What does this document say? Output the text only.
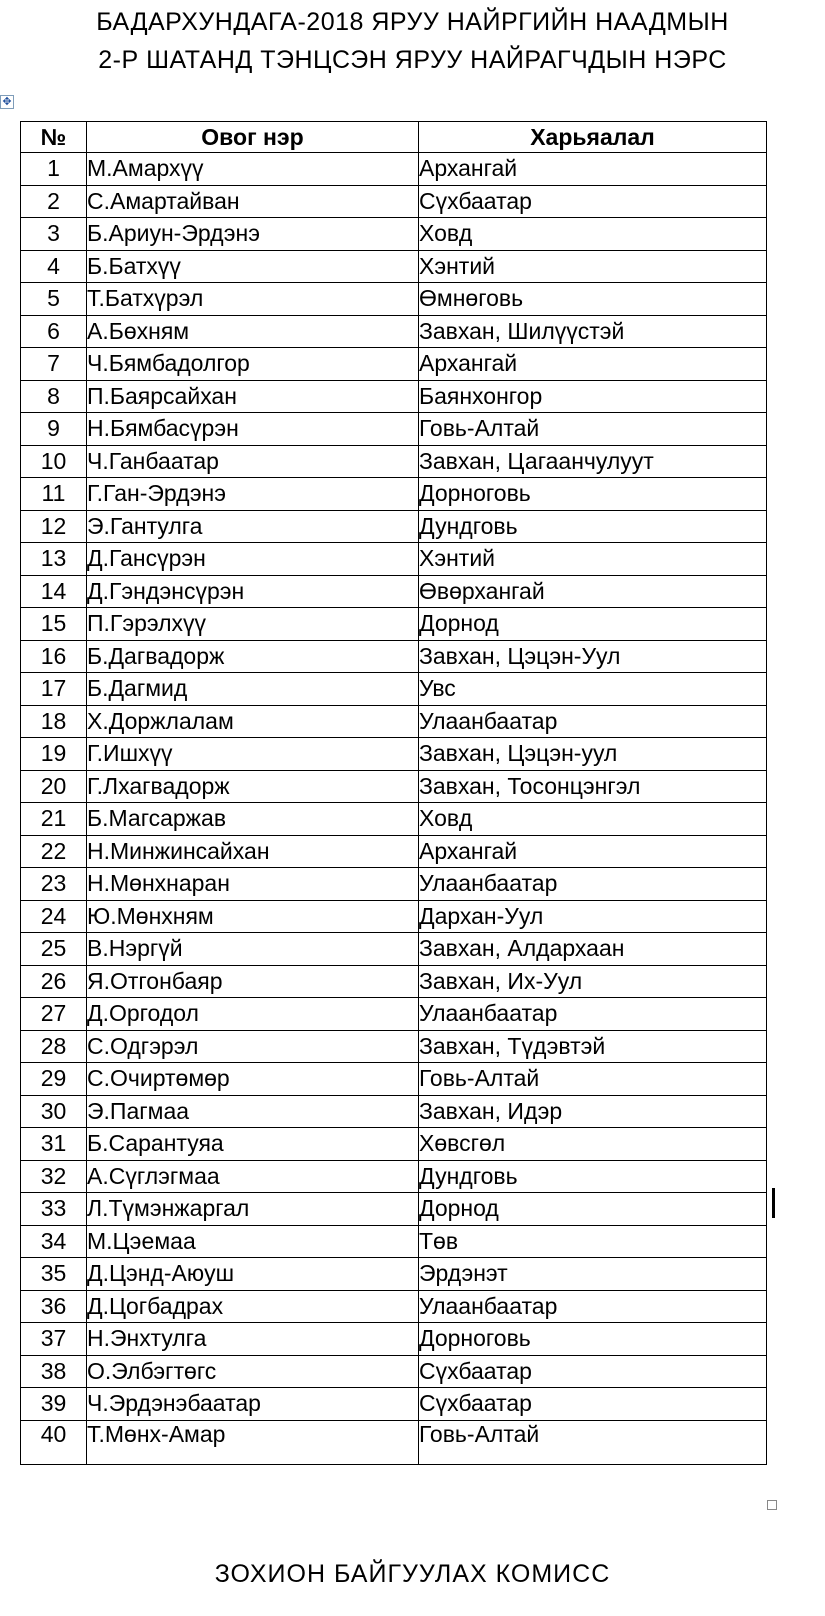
БАДАРХУНДАГА-2018 ЯРУУ НАЙРГИЙН НААДМЫН
2-Р ШАТАНД ТЭНЦСЭН ЯРУУ НАЙРАГЧДЫН НЭРС
✥
№	Овог нэр	Харьяалал
1	М.Амархүү	Архангай
2	С.Амартайван	Сүхбаатар
3	Б.Ариун-Эрдэнэ	Ховд
4	Б.Батхүү	Хэнтий
5	Т.Батхүрэл	Өмнөговь
6	А.Бөхням	Завхан, Шилүүстэй
7	Ч.Бямбадолгор	Архангай
8	П.Баярсайхан	Баянхонгор
9	Н.Бямбасүрэн	Говь-Алтай
10	Ч.Ганбаатар	Завхан, Цагаанчулуут
11	Г.Ган-Эрдэнэ	Дорноговь
12	Э.Гантулга	Дундговь
13	Д.Гансүрэн	Хэнтий
14	Д.Гэндэнсүрэн	Өвөрхангай
15	П.Гэрэлхүү	Дорнод
16	Б.Дагвадорж	Завхан, Цэцэн-Уул
17	Б.Дагмид	Увс
18	Х.Доржлалам	Улаанбаатар
19	Г.Ишхүү	Завхан, Цэцэн-уул
20	Г.Лхагвадорж	Завхан, Тосонцэнгэл
21	Б.Магсаржав	Ховд
22	Н.Минжинсайхан	Архангай
23	Н.Мөнхнаран	Улаанбаатар
24	Ю.Мөнхням	Дархан-Уул
25	В.Нэргүй	Завхан, Алдархаан
26	Я.Отгонбаяр	Завхан, Их-Уул
27	Д.Оргодол	Улаанбаатар
28	С.Одгэрэл	Завхан, Түдэвтэй
29	С.Очиртөмөр	Говь-Алтай
30	Э.Пагмаа	Завхан, Идэр
31	Б.Сарантуяа	Хөвсгөл
32	А.Сүглэгмаа	Дундговь
33	Л.Түмэнжаргал	Дорнод
34	М.Цэемаа	Төв
35	Д.Цэнд-Аюуш	Эрдэнэт
36	Д.Цогбадрах	Улаанбаатар
37	Н.Энхтулга	Дорноговь
38	О.Элбэгтөгс	Сүхбаатар
39	Ч.Эрдэнэбаатар	Сүхбаатар
40	Т.Мөнх-Амар	Говь-Алтай
ЗОХИОН БАЙГУУЛАХ КОМИСС
